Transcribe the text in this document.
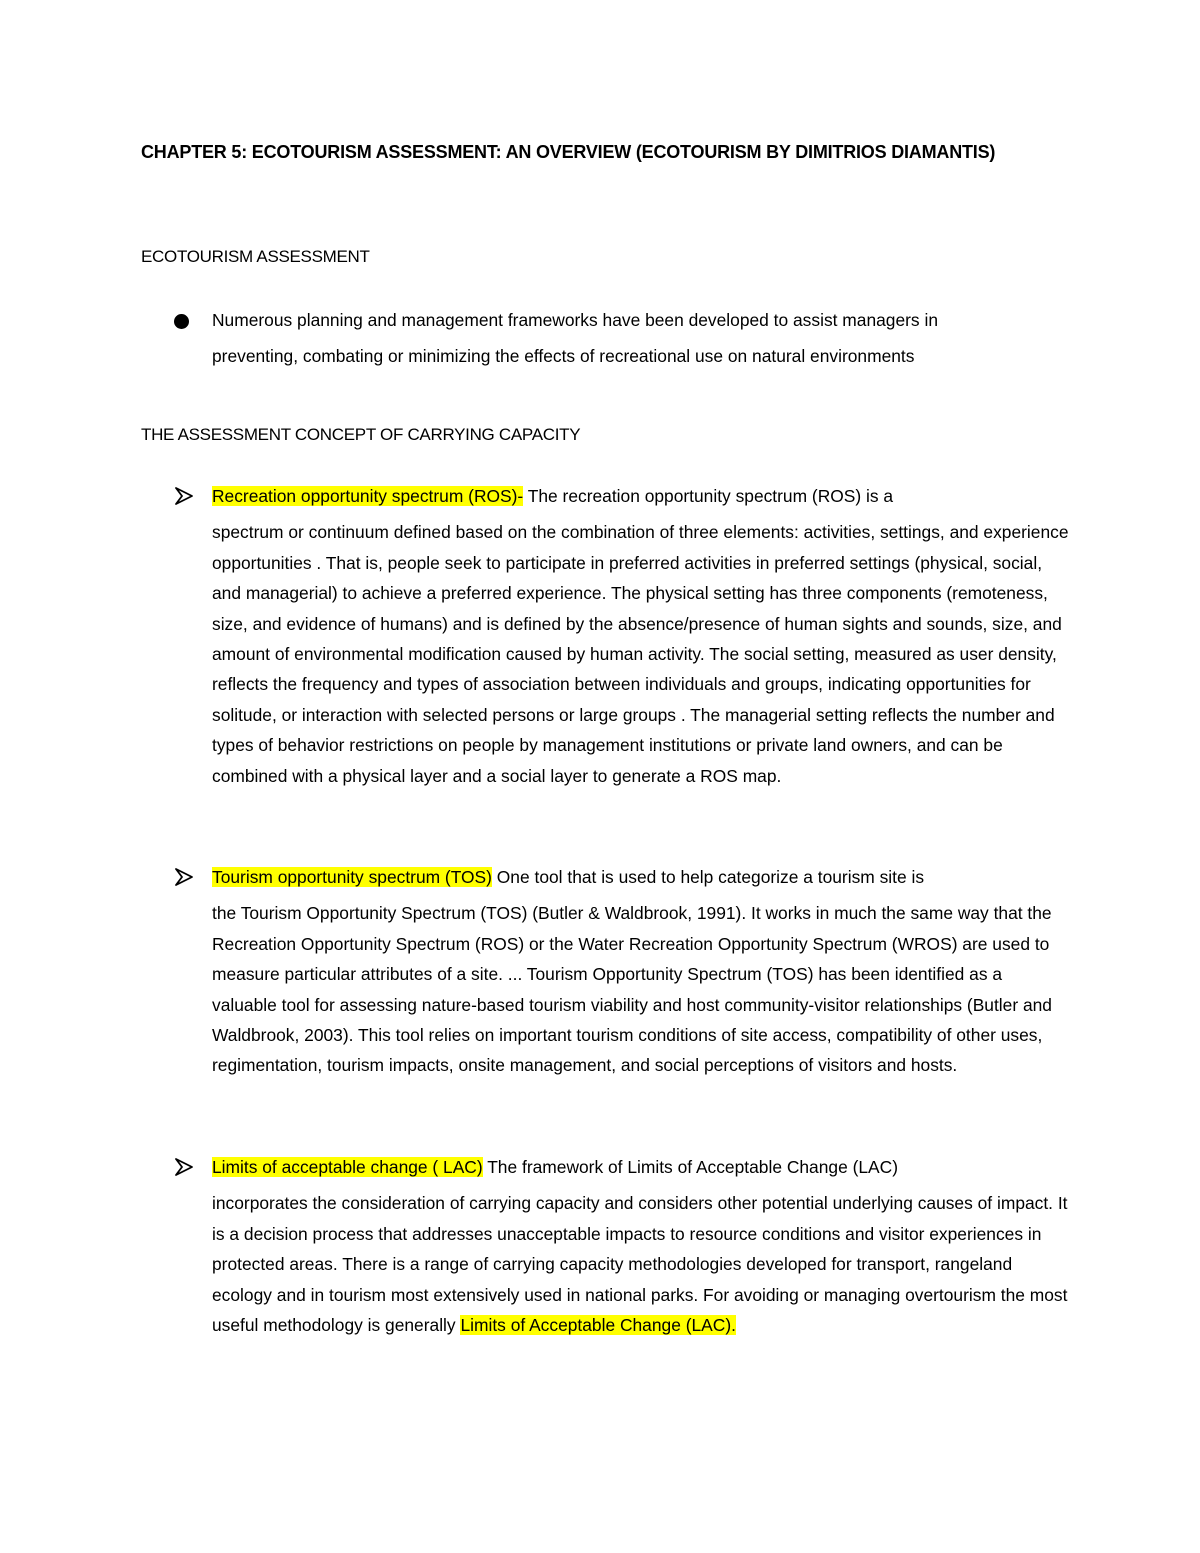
CHAPTER 5: ECOTOURISM ASSESSMENT: AN OVERVIEW (ECOTOURISM BY DIMITRIOS DIAMANTIS)
ECOTOURISM ASSESSMENT
Numerous planning and management frameworks have been developed to assist managers in
preventing, combating or minimizing the effects of recreational use on natural environments
THE ASSESSMENT CONCEPT OF CARRYING CAPACITY
Recreation opportunity spectrum (ROS)- The recreation opportunity spectrum (ROS) is a
spectrum or continuum defined based on the combination of three elements: activities, settings, and experience opportunities . That is, people seek to participate in preferred activities in preferred settings (physical, social, and managerial) to achieve a preferred experience. The physical setting has three components (remoteness, size, and evidence of humans) and is defined by the absence/presence of human sights and sounds, size, and amount of environmental modification caused by human activity. The social setting, measured as user density, reflects the frequency and types of association between individuals and groups, indicating opportunities for solitude, or interaction with selected persons or large groups . The managerial setting reflects the number and types of behavior restrictions on people by management institutions or private land owners, and can be combined with a physical layer and a social layer to generate a ROS map.
Tourism opportunity spectrum (TOS) One tool that is used to help categorize a tourism site is
the Tourism Opportunity Spectrum (TOS) (Butler & Waldbrook, 1991). It works in much the same way that the Recreation Opportunity Spectrum (ROS) or the Water Recreation Opportunity Spectrum (WROS) are used to measure particular attributes of a site. ... Tourism Opportunity Spectrum (TOS) has been identified as a valuable tool for assessing nature-based tourism viability and host community-visitor relationships (Butler and Waldbrook, 2003). This tool relies on important tourism conditions of site access, compatibility of other uses, regimentation, tourism impacts, onsite management, and social perceptions of visitors and hosts.
Limits of acceptable change ( LAC) The framework of Limits of Acceptable Change (LAC)
incorporates the consideration of carrying capacity and considers other potential underlying causes of impact. It is a decision process that addresses unacceptable impacts to resource conditions and visitor experiences in protected areas. There is a range of carrying capacity methodologies developed for transport, rangeland ecology and in tourism most extensively used in national parks. For avoiding or managing overtourism the most useful methodology is generally Limits of Acceptable Change (LAC).
